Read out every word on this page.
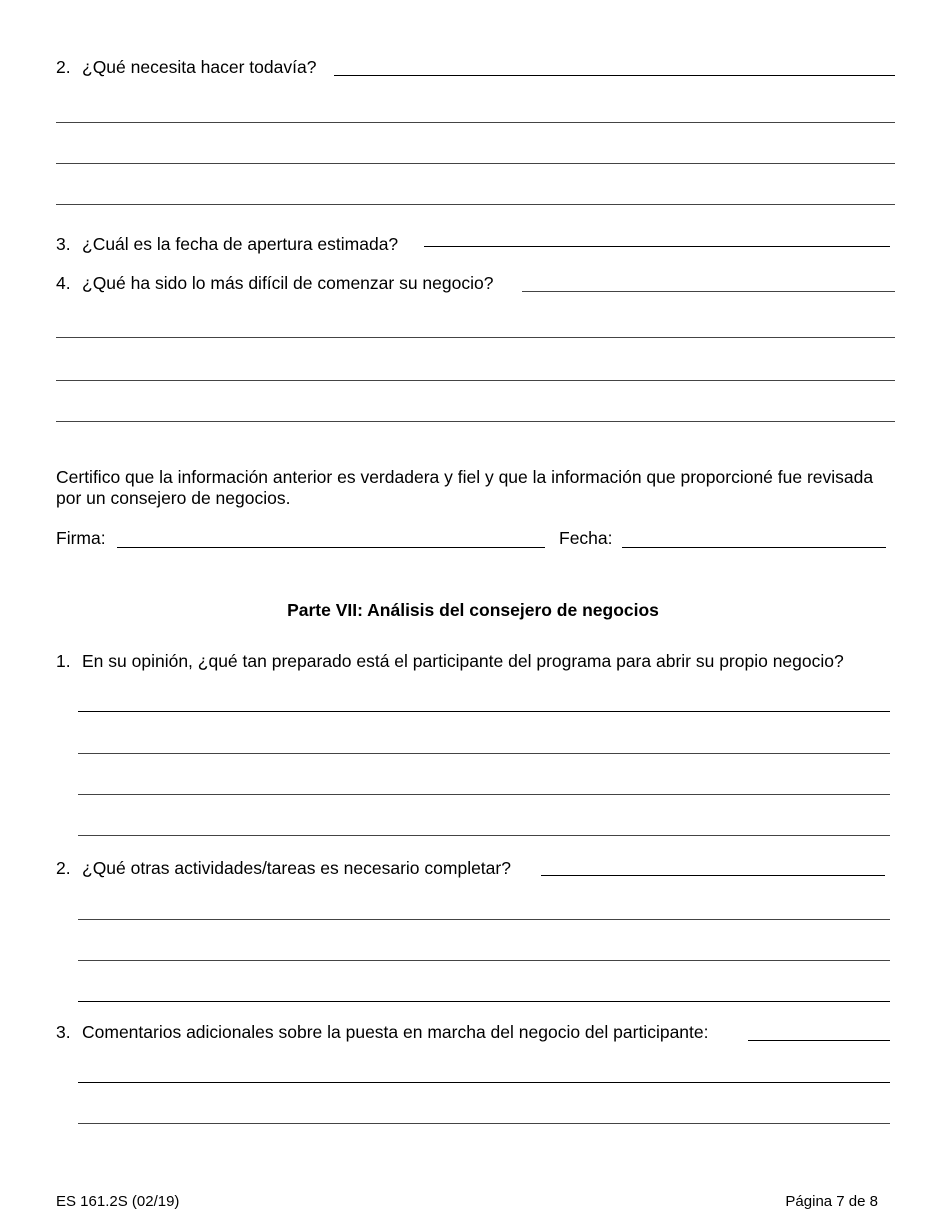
2. ¿Qué necesita hacer todavía?
3. ¿Cuál es la fecha de apertura estimada?
4. ¿Qué ha sido lo más difícil de comenzar su negocio?
Certifico que la información anterior es verdadera y fiel y que la información que proporcioné fue revisada por un consejero de negocios.
Firma:	Fecha:
Parte VII: Análisis del consejero de negocios
1. En su opinión, ¿qué tan preparado está el participante del programa para abrir su propio negocio?
2. ¿Qué otras actividades/tareas es necesario completar?
3. Comentarios adicionales sobre la puesta en marcha del negocio del participante:
ES 161.2S (02/19)	Página 7 de 8
